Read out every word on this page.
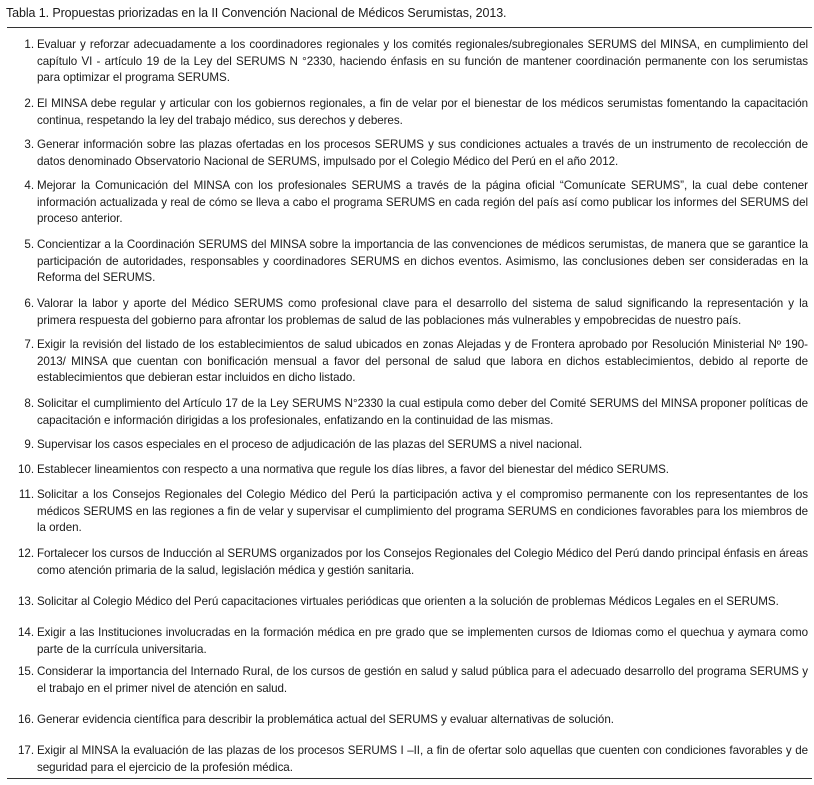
Tabla 1. Propuestas priorizadas en la II Convención Nacional de Médicos Serumistas, 2013.
1. Evaluar y reforzar adecuadamente a los coordinadores regionales y los comités regionales/subregionales SERUMS del MINSA, en cumplimiento del capítulo VI - artículo 19 de la Ley del SERUMS N °2330, haciendo énfasis en su función de mantener coordinación permanente con los serumistas para optimizar el programa SERUMS.
2. El MINSA debe regular y articular con los gobiernos regionales, a fin de velar por el bienestar de los médicos serumistas fomentando la capacitación continua, respetando la ley del trabajo médico, sus derechos y deberes.
3. Generar información sobre las plazas ofertadas en los procesos SERUMS y sus condiciones actuales a través de un instrumento de recolección de datos denominado Observatorio Nacional de SERUMS, impulsado por el Colegio Médico del Perú en el año 2012.
4. Mejorar la Comunicación del MINSA con los profesionales SERUMS a través de la página oficial “Comunícate SERUMS”, la cual debe contener información actualizada y real de cómo se lleva a cabo el programa SERUMS en cada región del país así como publicar los informes del SERUMS del proceso anterior.
5. Concientizar a la Coordinación SERUMS del MINSA sobre la importancia de las convenciones de médicos serumistas, de manera que se garantice la participación de autoridades, responsables y coordinadores SERUMS en dichos eventos. Asimismo, las conclusiones deben ser consideradas en la Reforma del SERUMS.
6. Valorar la labor y aporte del Médico SERUMS como profesional clave para el desarrollo del sistema de salud significando la representación y la primera respuesta del gobierno para afrontar los problemas de salud de las poblaciones más vulnerables y empobrecidas de nuestro país.
7. Exigir la revisión del listado de los establecimientos de salud ubicados en zonas Alejadas y de Frontera aprobado por Resolución Ministerial Nº 190-2013/ MINSA que cuentan con bonificación mensual a favor del personal de salud que labora en dichos establecimientos, debido al reporte de establecimientos que debieran estar incluidos en dicho listado.
8. Solicitar el cumplimiento del Artículo 17 de la Ley SERUMS N°2330 la cual estipula como deber del Comité SERUMS del MINSA proponer políticas de capacitación e información dirigidas a los profesionales, enfatizando en la continuidad de las mismas.
9. Supervisar los casos especiales en el proceso de adjudicación de las plazas del SERUMS a nivel nacional.
10. Establecer lineamientos con respecto a una normativa que regule los días libres, a favor del bienestar del médico SERUMS.
11. Solicitar a los Consejos Regionales del Colegio Médico del Perú la participación activa y el compromiso permanente con los representantes de los médicos SERUMS en las regiones a fin de velar y supervisar el cumplimiento del programa SERUMS en condiciones favorables para los miembros de la orden.
12. Fortalecer los cursos de Inducción al SERUMS organizados por los Consejos Regionales del Colegio Médico del Perú dando principal énfasis en áreas como atención primaria de la salud, legislación médica y gestión sanitaria.
13. Solicitar al Colegio Médico del Perú capacitaciones virtuales periódicas que orienten a la solución de problemas Médicos Legales en el SERUMS.
14. Exigir a las Instituciones involucradas en la formación médica en pre grado que se implementen cursos de Idiomas como el quechua y aymara como parte de la currícula universitaria.
15. Considerar la importancia del Internado Rural, de los cursos de gestión en salud y salud pública para el adecuado desarrollo del programa SERUMS y el trabajo en el primer nivel de atención en salud.
16. Generar evidencia científica para describir la problemática actual del SERUMS y evaluar alternativas de solución.
17. Exigir al MINSA la evaluación de las plazas de los procesos SERUMS I –II, a fin de ofertar solo aquellas que cuenten con condiciones favorables y de seguridad para el ejercicio de la profesión médica.
